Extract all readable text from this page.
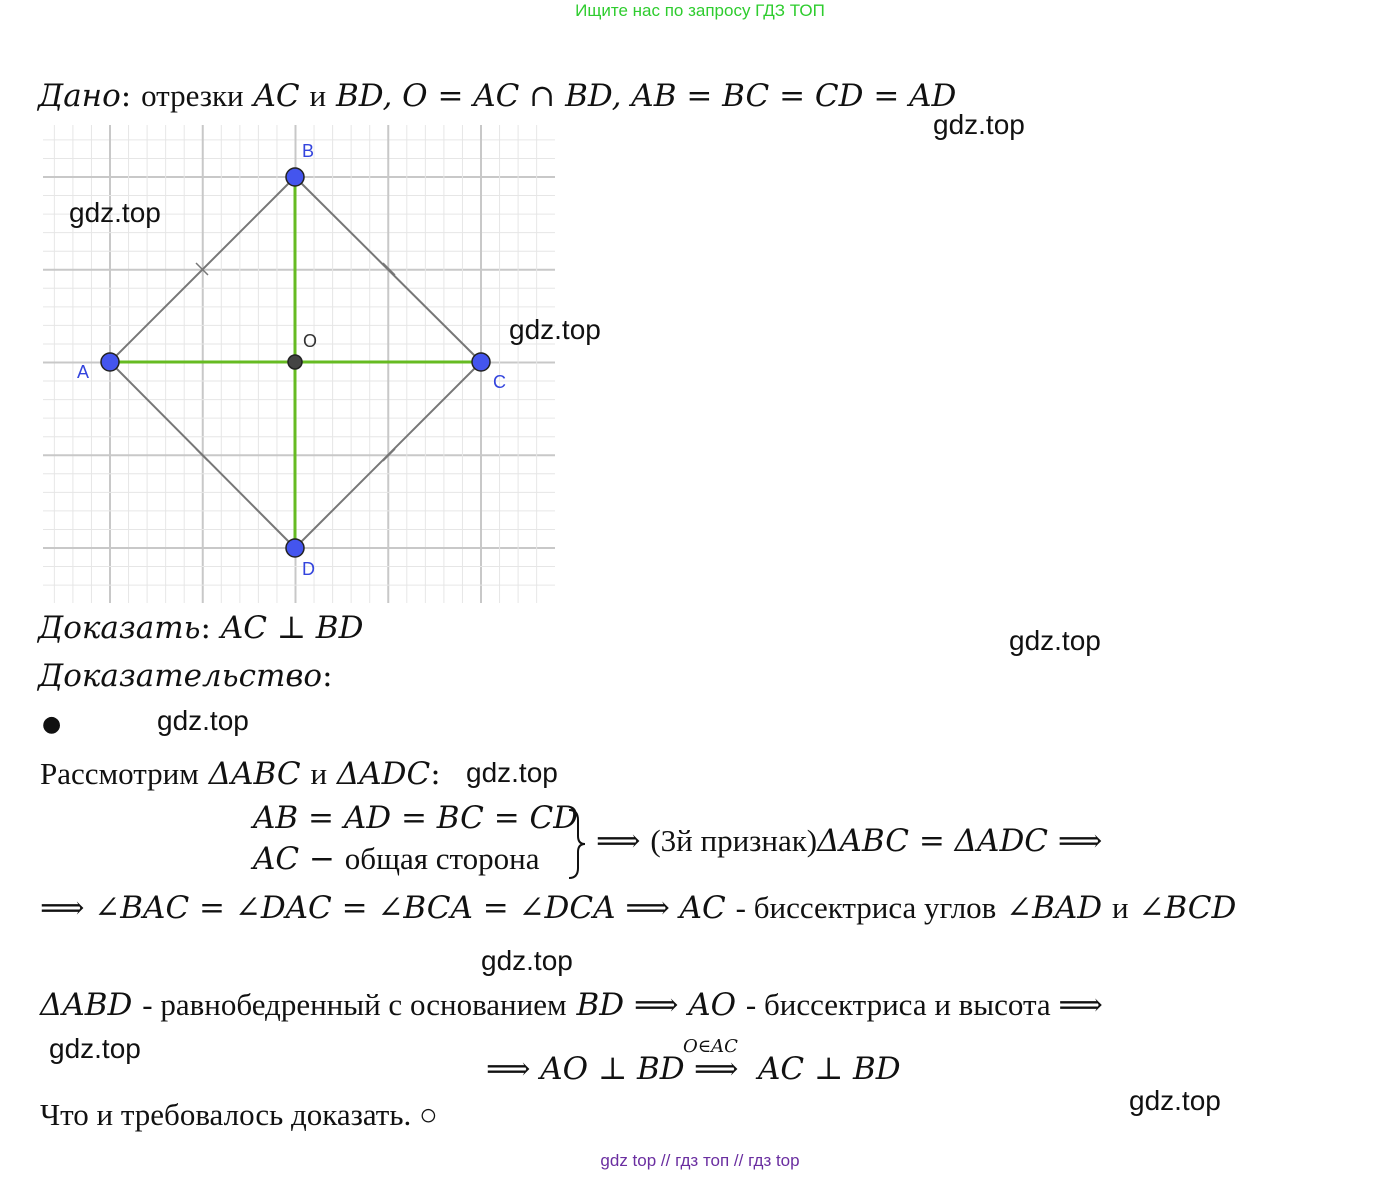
Ищите нас по запросу ГДЗ ТОП
Дано: отрезки AC и BD, O = AC ∩ BD, AB = BC = CD = AD
A
B
C
D
O
gdz.top
gdz.top
gdz.top
gdz.top
gdz.top
gdz.top
gdz.top
gdz.top
gdz.top
Доказать: AC ⊥ BD
Доказательство:
●
Рассмотрим ΔABC и ΔADC:
AB = AD = BC = CD
AC − общая сторона ⟹ (3й признак)ΔABC = ΔADC ⟹
⟹ ∠BAC = ∠DAC = ∠BCA = ∠DCA ⟹ AC - биссектриса углов ∠BAD и ∠BCD
ΔABD - равнобедренный с основанием BD ⟹ AO - биссектриса и высота ⟹
⟹ AO ⊥ BD
O∈AC
⟹ AC ⊥ BD
Что и требовалось доказать. ○
gdz top // гдз топ // гдз top
